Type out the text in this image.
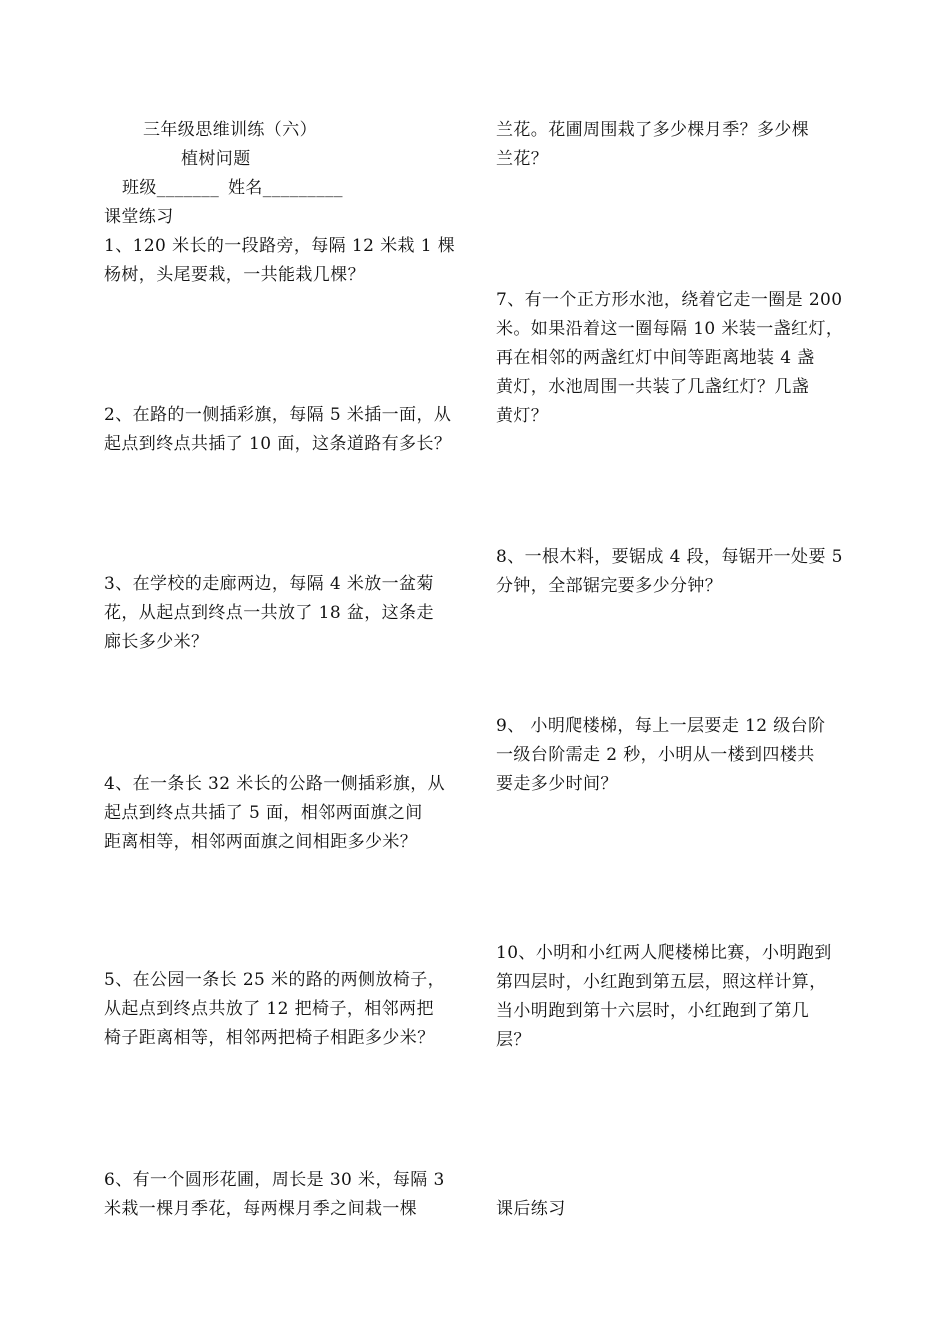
三年级思维训练（六）
植树问题
班级_______ 姓名_________
课堂练习
1、120 米长的一段路旁，每隔 12 米栽 1 棵
杨树，头尾要栽，一共能栽几棵？
2、在路的一侧插彩旗，每隔 5 米插一面，从
起点到终点共插了 10 面，这条道路有多长？
3、在学校的走廊两边，每隔 4 米放一盆菊
花，从起点到终点一共放了 18 盆，这条走
廊长多少米？
4、在一条长 32 米长的公路一侧插彩旗，从
起点到终点共插了 5 面，相邻两面旗之间
距离相等，相邻两面旗之间相距多少米？
5、在公园一条长 25 米的路的两侧放椅子，
从起点到终点共放了 12 把椅子，相邻两把
椅子距离相等，相邻两把椅子相距多少米？
6、有一个圆形花圃，周长是 30 米，每隔 3
米栽一棵月季花，每两棵月季之间栽一棵
兰花。花圃周围栽了多少棵月季？多少棵
兰花？
7、有一个正方形水池，绕着它走一圈是 200
米。如果沿着这一圈每隔 10 米装一盏红灯，
再在相邻的两盏红灯中间等距离地装 4 盏
黄灯，水池周围一共装了几盏红灯？几盏
黄灯？
8、一根木料，要锯成 4 段，每锯开一处要 5
分钟，全部锯完要多少分钟？
9、 小明爬楼梯，每上一层要走 12 级台阶
一级台阶需走 2 秒，小明从一楼到四楼共
要走多少时间？
10、小明和小红两人爬楼梯比赛，小明跑到
第四层时，小红跑到第五层，照这样计算，
当小明跑到第十六层时，小红跑到了第几
层？
课后练习
